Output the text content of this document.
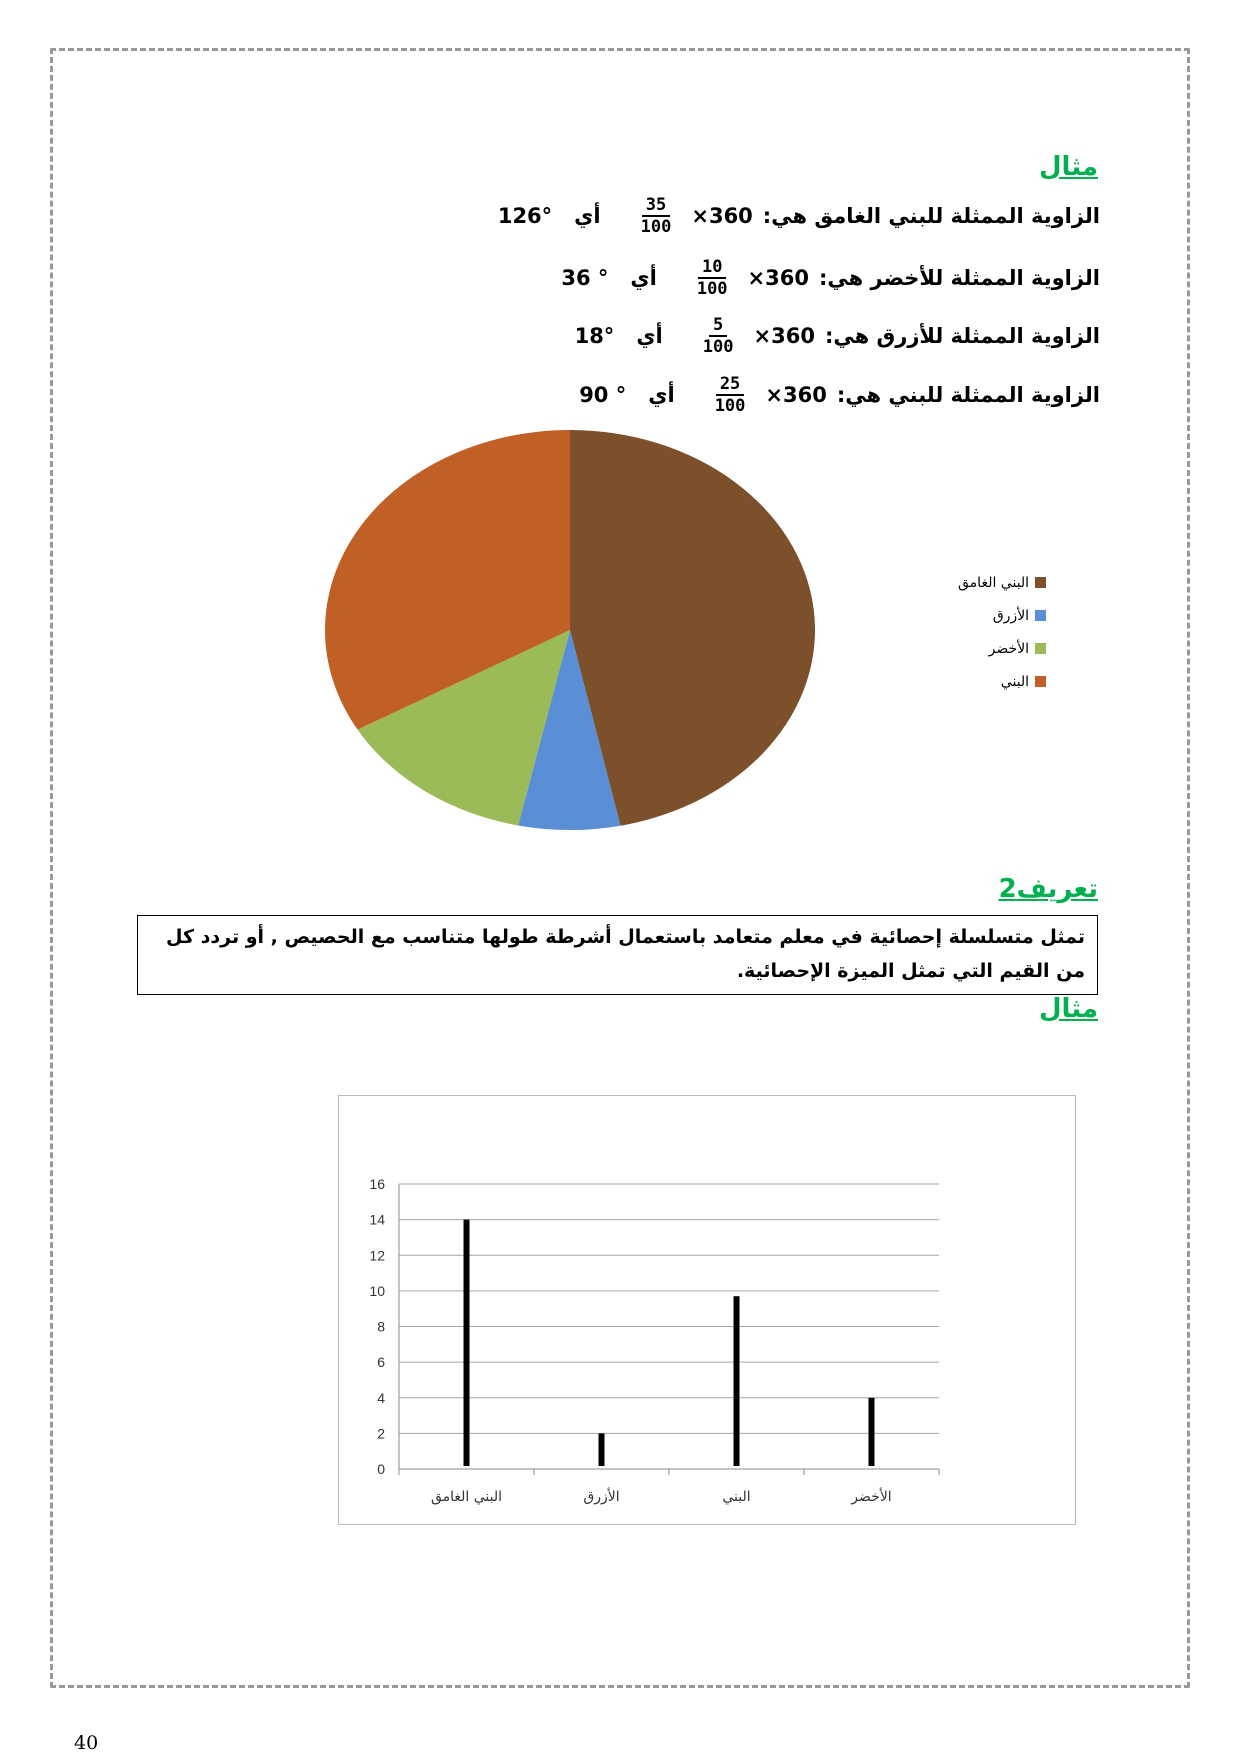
مثال
الزاوية الممثلة للبني الغامق هي:
360×
$\frac{35}{100}$
أي
126°
الزاوية الممثلة للأخضر هي:
360×
$\frac{10}{100}$
أي
36 °
الزاوية الممثلة للأزرق هي:
360×
$\frac{5}{100}$
أي
18°
الزاوية الممثلة للبني هي:
360×
$\frac{25}{100}$
أي
90 °
البني الغامق
الأزرق
الأخضر
البني
تعريف2
تمثل متسلسلة إحصائية في معلم متعامد باستعمال أشرطة طولها متناسب مع الحصيص , أو تردد كل من القيم التي تمثل الميزة الإحصائية.
مثال
0
2
4
6
8
10
12
14
16
البني الغامق	الأزرق	البني	الأخضر
40
